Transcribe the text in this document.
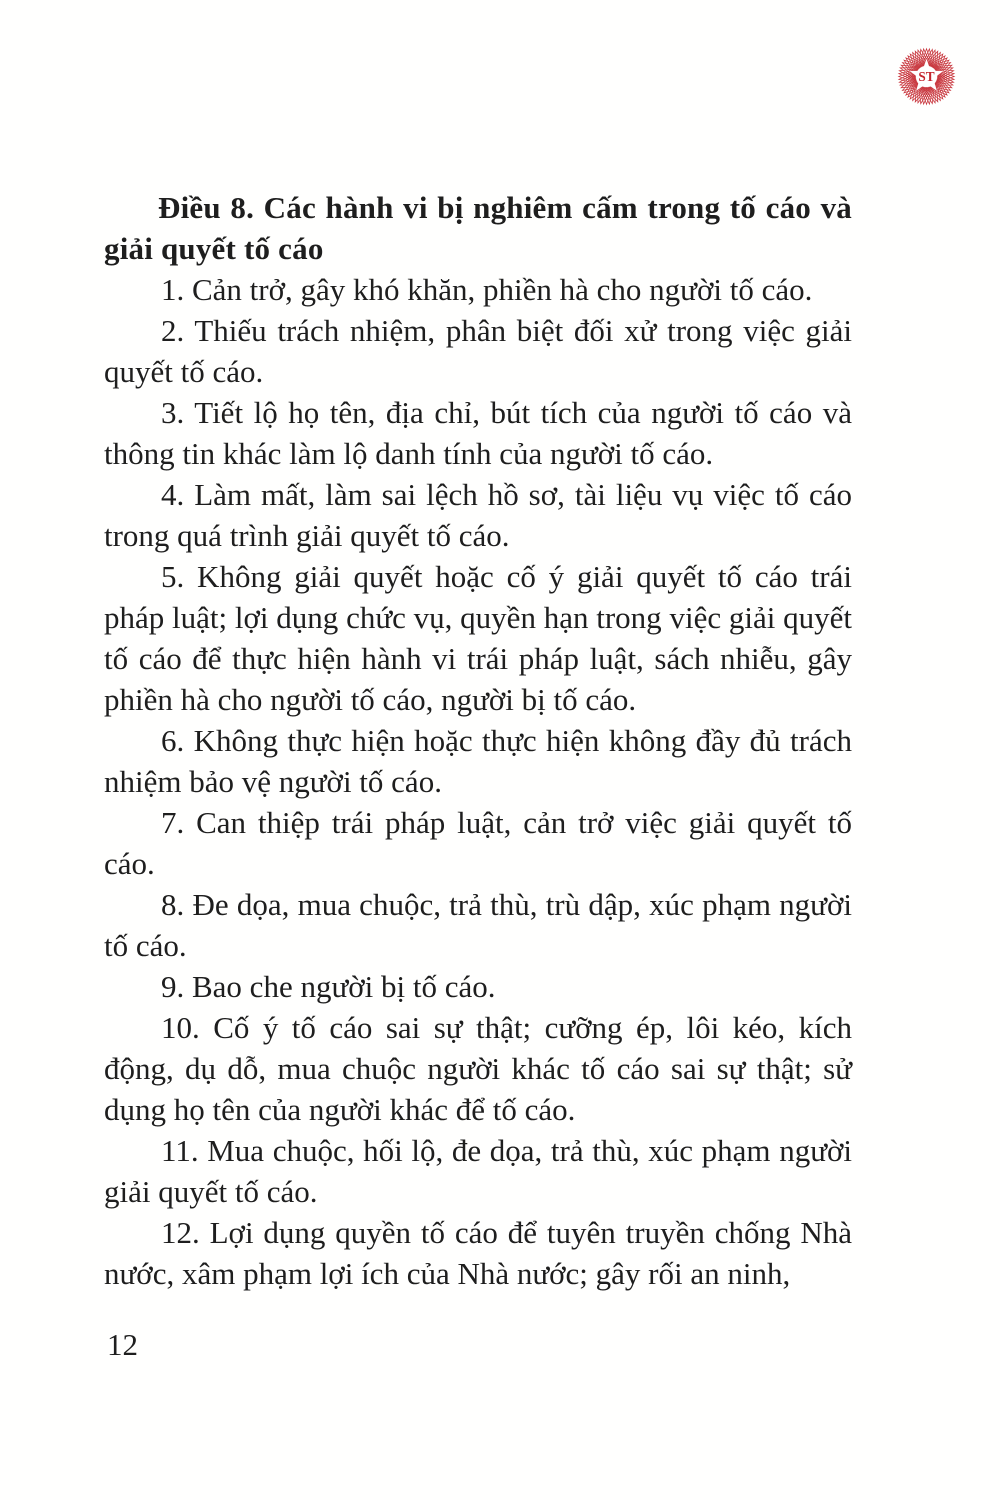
ST

Điều 8. Các hành vi bị nghiêm cấm trong tố cáo và giải quyết tố cáo

1. Cản trở, gây khó khăn, phiền hà cho người tố cáo.

2. Thiếu trách nhiệm, phân biệt đối xử trong việc giải quyết tố cáo.

3. Tiết lộ họ tên, địa chỉ, bút tích của người tố cáo và thông tin khác làm lộ danh tính của người tố cáo.

4. Làm mất, làm sai lệch hồ sơ, tài liệu vụ việc tố cáo trong quá trình giải quyết tố cáo.

5. Không giải quyết hoặc cố ý giải quyết tố cáo trái pháp luật; lợi dụng chức vụ, quyền hạn trong việc giải quyết tố cáo để thực hiện hành vi trái pháp luật, sách nhiễu, gây phiền hà cho người tố cáo, người bị tố cáo.

6. Không thực hiện hoặc thực hiện không đầy đủ trách nhiệm bảo vệ người tố cáo.

7. Can thiệp trái pháp luật, cản trở việc giải quyết tố cáo.

8. Đe dọa, mua chuộc, trả thù, trù dập, xúc phạm người tố cáo.

9. Bao che người bị tố cáo.

10. Cố ý tố cáo sai sự thật; cưỡng ép, lôi kéo, kích động, dụ dỗ, mua chuộc người khác tố cáo sai sự thật; sử dụng họ tên của người khác để tố cáo.

11. Mua chuộc, hối lộ, đe dọa, trả thù, xúc phạm người giải quyết tố cáo.

12. Lợi dụng quyền tố cáo để tuyên truyền chống Nhà nước, xâm phạm lợi ích của Nhà nước; gây rối an ninh,

12
